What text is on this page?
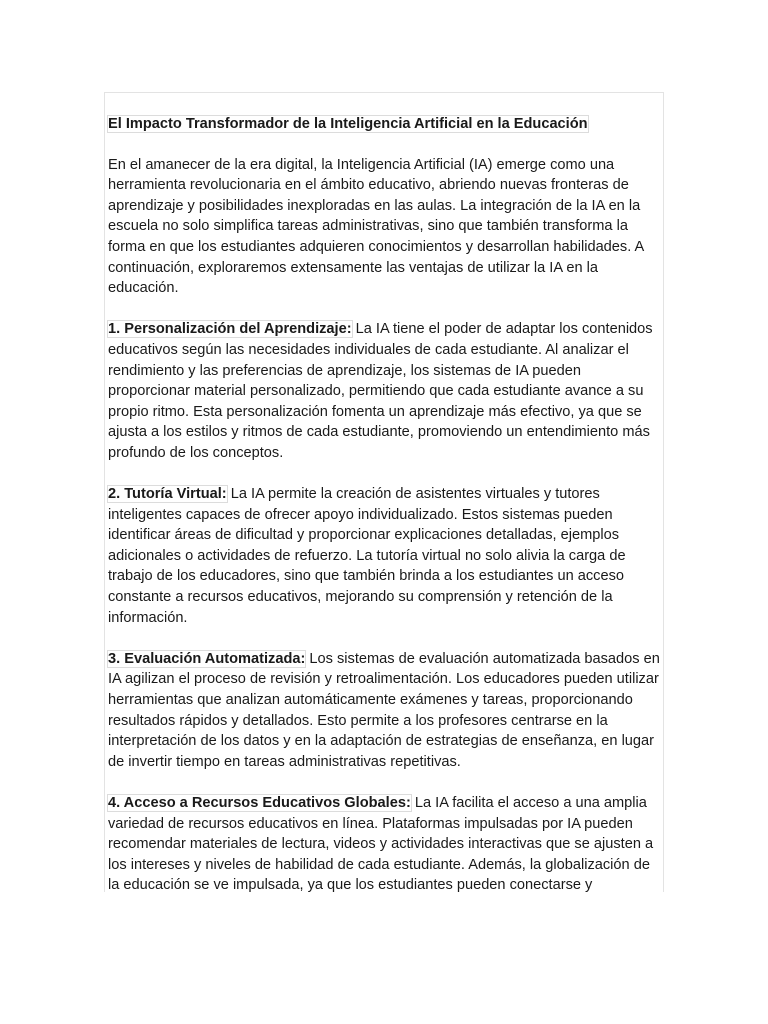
El Impacto Transformador de la Inteligencia Artificial en la Educación

En el amanecer de la era digital, la Inteligencia Artificial (IA) emerge como una herramienta revolucionaria en el ámbito educativo, abriendo nuevas fronteras de aprendizaje y posibilidades inexploradas en las aulas. La integración de la IA en la escuela no solo simplifica tareas administrativas, sino que también transforma la forma en que los estudiantes adquieren conocimientos y desarrollan habilidades. A continuación, exploraremos extensamente las ventajas de utilizar la IA en la educación.

1. Personalización del Aprendizaje: La IA tiene el poder de adaptar los contenidos educativos según las necesidades individuales de cada estudiante. Al analizar el rendimiento y las preferencias de aprendizaje, los sistemas de IA pueden proporcionar material personalizado, permitiendo que cada estudiante avance a su propio ritmo. Esta personalización fomenta un aprendizaje más efectivo, ya que se ajusta a los estilos y ritmos de cada estudiante, promoviendo un entendimiento más profundo de los conceptos.

2. Tutoría Virtual: La IA permite la creación de asistentes virtuales y tutores inteligentes capaces de ofrecer apoyo individualizado. Estos sistemas pueden identificar áreas de dificultad y proporcionar explicaciones detalladas, ejemplos adicionales o actividades de refuerzo. La tutoría virtual no solo alivia la carga de trabajo de los educadores, sino que también brinda a los estudiantes un acceso constante a recursos educativos, mejorando su comprensión y retención de la información.

3. Evaluación Automatizada: Los sistemas de evaluación automatizada basados en IA agilizan el proceso de revisión y retroalimentación. Los educadores pueden utilizar herramientas que analizan automáticamente exámenes y tareas, proporcionando resultados rápidos y detallados. Esto permite a los profesores centrarse en la interpretación de los datos y en la adaptación de estrategias de enseñanza, en lugar de invertir tiempo en tareas administrativas repetitivas.

4. Acceso a Recursos Educativos Globales: La IA facilita el acceso a una amplia variedad de recursos educativos en línea. Plataformas impulsadas por IA pueden recomendar materiales de lectura, videos y actividades interactivas que se ajusten a los intereses y niveles de habilidad de cada estudiante. Además, la globalización de la educación se ve impulsada, ya que los estudiantes pueden conectarse y
